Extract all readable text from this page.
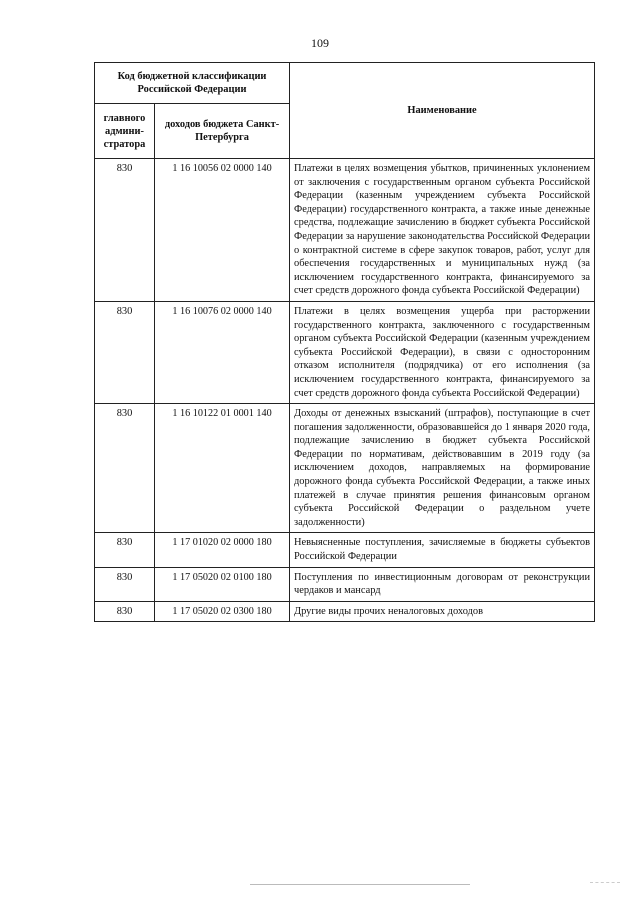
109
Код бюджетной классификации Российской Федерации		Наименование
главного админи-стратора	доходов бюджета Санкт-Петербурга	
830	1 16 10056 02 0000 140	Платежи в целях возмещения убытков, причиненных уклонением от заключения с государственным органом субъекта Российской Федерации (казенным учреждением субъекта Российской Федерации) государственного контракта, а также иные денежные средства, подлежащие зачислению в бюджет субъекта Российской Федерации за нарушение законодательства Российской Федерации о контрактной системе в сфере закупок товаров, работ, услуг для обеспечения государственных и муниципальных нужд (за исключением государственного контракта, финансируемого за счет средств дорожного фонда субъекта Российской Федерации)
830	1 16 10076 02 0000 140	Платежи в целях возмещения ущерба при расторжении государственного контракта, заключенного с государственным органом субъекта Российской Федерации (казенным учреждением субъекта Российской Федерации), в связи с односторонним отказом исполнителя (подрядчика) от его исполнения (за исключением государственного контракта, финансируемого за счет средств дорожного фонда субъекта Российской Федерации)
830	1 16 10122 01 0001 140	Доходы от денежных взысканий (штрафов), поступающие в счет погашения задолженности, образовавшейся до 1 января 2020 года, подлежащие зачислению в бюджет субъекта Российской Федерации по нормативам, действовавшим в 2019 году (за исключением доходов, направляемых на формирование дорожного фонда субъекта Российской Федерации, а также иных платежей в случае принятия решения финансовым органом субъекта Российской Федерации о раздельном учете задолженности)
830	1 17 01020 02 0000 180	Невыясненные поступления, зачисляемые в бюджеты субъектов Российской Федерации
830	1 17 05020 02 0100 180	Поступления по инвестиционным договорам от реконструкции чердаков и мансард
830	1 17 05020 02 0300 180	Другие виды прочих неналоговых доходов
